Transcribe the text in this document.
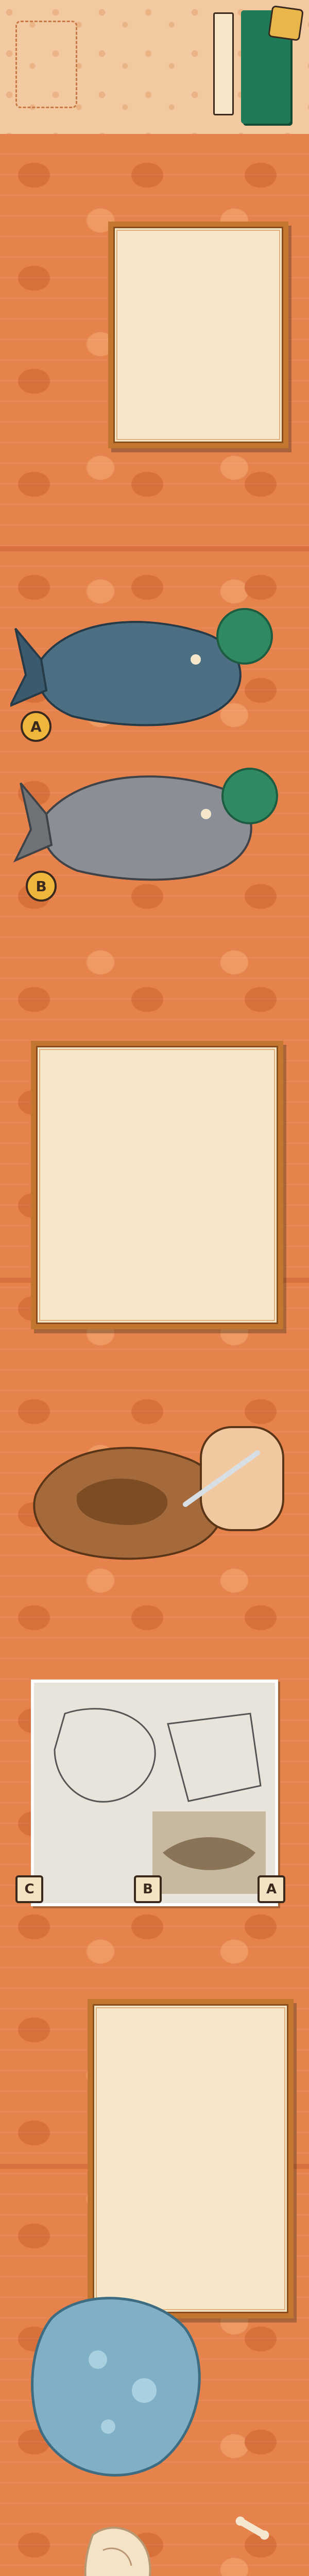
A
B
C	B	A
